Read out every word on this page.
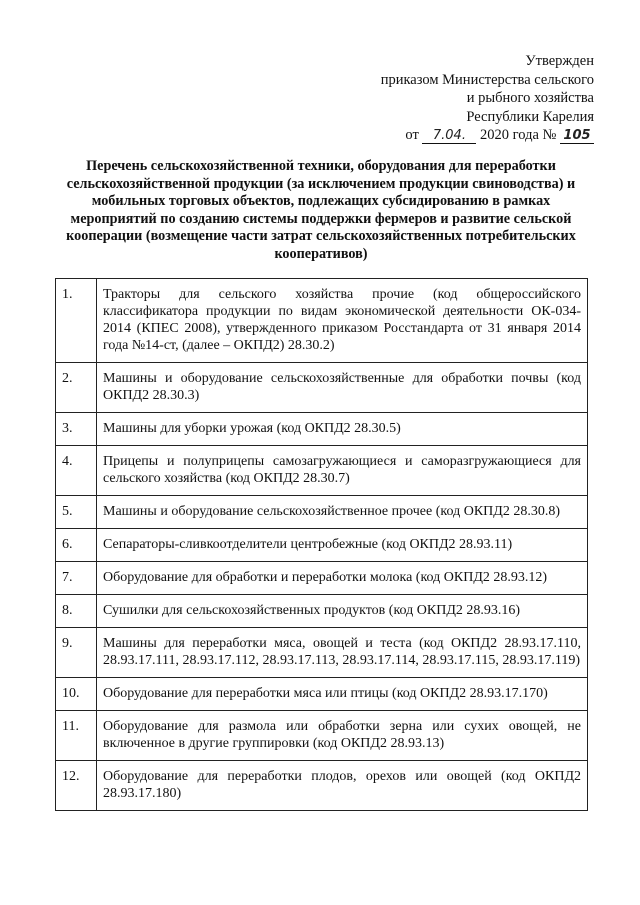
Утвержден
приказом Министерства сельского
и рыбного хозяйства
Республики Карелия
от 7.04. 2020 года № 105
Перечень сельскохозяйственной техники, оборудования для переработки сельскохозяйственной продукции (за исключением продукции свиноводства) и мобильных торговых объектов, подлежащих субсидированию в рамках мероприятий по созданию системы поддержки фермеров и развитие сельской кооперации (возмещение части затрат сельскохозяйственных потребительских кооперативов)
1.	Тракторы для сельского хозяйства прочие (код общероссийского классификатора продукции по видам экономической деятельности ОК-034-2014 (КПЕС 2008), утвержденного приказом Росстандарта от 31 января 2014 года №14-ст, (далее – ОКПД2) 28.30.2)
2.	Машины и оборудование сельскохозяйственные для обработки почвы (код ОКПД2 28.30.3)
3.	Машины для уборки урожая (код ОКПД2 28.30.5)
4.	Прицепы и полуприцепы самозагружающиеся и саморазгружающиеся для сельского хозяйства (код ОКПД2 28.30.7)
5.	Машины и оборудование сельскохозяйственное прочее (код ОКПД2 28.30.8)
6.	Сепараторы-сливкоотделители центробежные (код ОКПД2 28.93.11)
7.	Оборудование для обработки и переработки молока (код ОКПД2 28.93.12)
8.	Сушилки для сельскохозяйственных продуктов (код ОКПД2 28.93.16)
9.	Машины для переработки мяса, овощей и теста (код ОКПД2 28.93.17.110, 28.93.17.111, 28.93.17.112, 28.93.17.113, 28.93.17.114, 28.93.17.115, 28.93.17.119)
10.	Оборудование для переработки мяса или птицы (код ОКПД2 28.93.17.170)
11.	Оборудование для размола или обработки зерна или сухих овощей, не включенное в другие группировки (код ОКПД2 28.93.13)
12.	Оборудование для переработки плодов, орехов или овощей (код ОКПД2 28.93.17.180)
